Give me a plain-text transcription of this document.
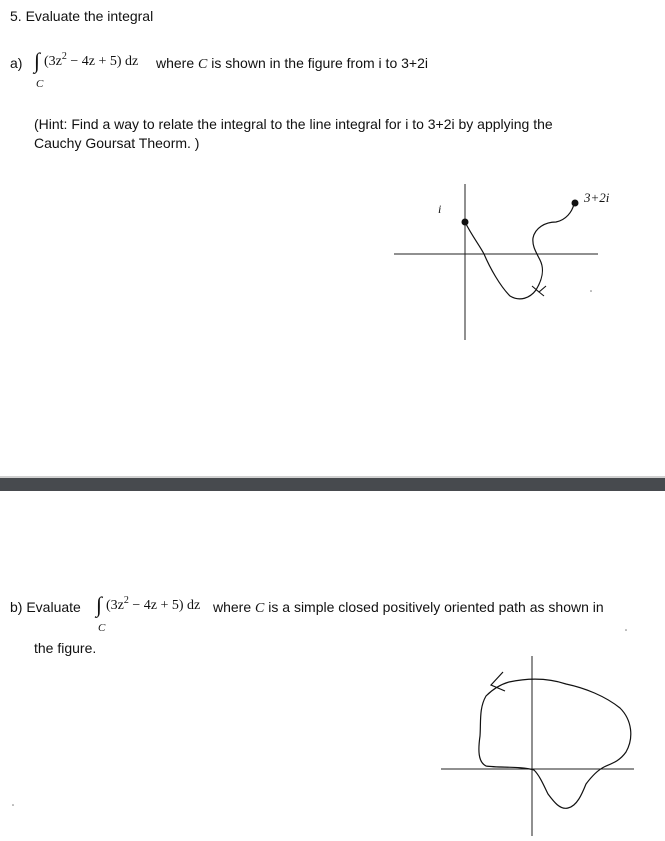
5. Evaluate the integral
a) ∫ $(3z^2 - 4z + 5)$ dz
C
where C is shown in the figure from i to 3+2i
(Hint: Find a way to relate the integral to the line integral for i to 3+2i by applying the
Cauchy Goursat Theorm. )
i
3+2i
b) Evaluate ∫ $(3z^2 - 4z + 5)$ dz
C
where C is a simple closed positively oriented path as shown in
the figure.
